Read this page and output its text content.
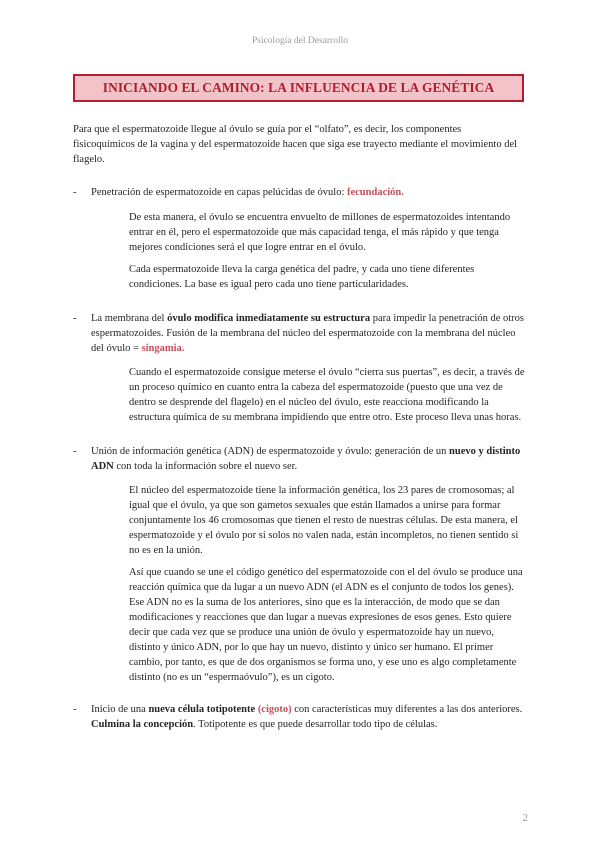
Psicología del Desarrollo
INICIANDO EL CAMINO: LA INFLUENCIA DE LA GENÉTICA

Para que el espermatozoide llegue al óvulo se guía por el “olfato”, es decir, los componentes fisicoquímicos de la vagina y del espermatozoide hacen que siga ese trayecto mediante el movimiento del flagelo.

- Penetración de espermatozoide en capas pelúcidas de óvulo: fecundación.

De esta manera, el óvulo se encuentra envuelto de millones de espermatozoides intentando entrar en él, pero el espermatozoide que más capacidad tenga, el más rápido y que tenga mejores condiciones será el que logre entrar en el óvulo.

Cada espermatozoide lleva la carga genética del padre, y cada uno tiene diferentes condiciones. La base es igual pero cada uno tiene particularidades.

- La membrana del óvulo modifica inmediatamente su estructura para impedir la penetración de otros espermatozoides. Fusión de la membrana del núcleo del espermatozoide con la membrana del núcleo del óvulo = singamia.

Cuando el espermatozoide consigue meterse el óvulo “cierra sus puertas”, es decir, a través de un proceso químico en cuanto entra la cabeza del espermatozoide (puesto que una vez de dentro se desprende del flagelo) en el núcleo del óvulo, este reacciona modificando la estructura química de su membrana impidiendo que entre otro. Este proceso lleva unas horas.

- Unión de información genética (ADN) de espermatozoide y óvulo: generación de un nuevo y distinto ADN con toda la información sobre el nuevo ser.

El núcleo del espermatozoide tiene la información genética, los 23 pares de cromosomas; al igual que el óvulo, ya que son gametos sexuales que están llamados a unirse para formar conjuntamente los 46 cromosomas que tienen el resto de nuestras células. De esta manera, el espermatozoide y el óvulo por sí solos no valen nada, están incompletos, no tienen sentido si no es en la unión.

Así que cuando se une el código genético del espermatozoide con el del óvulo se produce una reacción química que da lugar a un nuevo ADN (el ADN es el conjunto de todos los genes). Ese ADN no es la suma de los anteriores, sino que es la interacción, de modo que se dan modificaciones y reacciones que dan lugar a nuevas expresiones de esos genes. Esto quiere decir que cada vez que se produce una unión de óvulo y espermatozoide hay un nuevo, distinto y único ADN, por lo que hay un nuevo, distinto y único ser humano. El primer cambio, por tanto, es que de dos organismos se forma uno, y ese uno es algo completamente distinto (no es un “espermaóvulo”), es un cigoto.

- Inicio de una nueva célula totipotente (cigoto) con características muy diferentes a las dos anteriores. Culmina la concepción. Totipotente es que puede desarrollar todo tipo de células.
2
